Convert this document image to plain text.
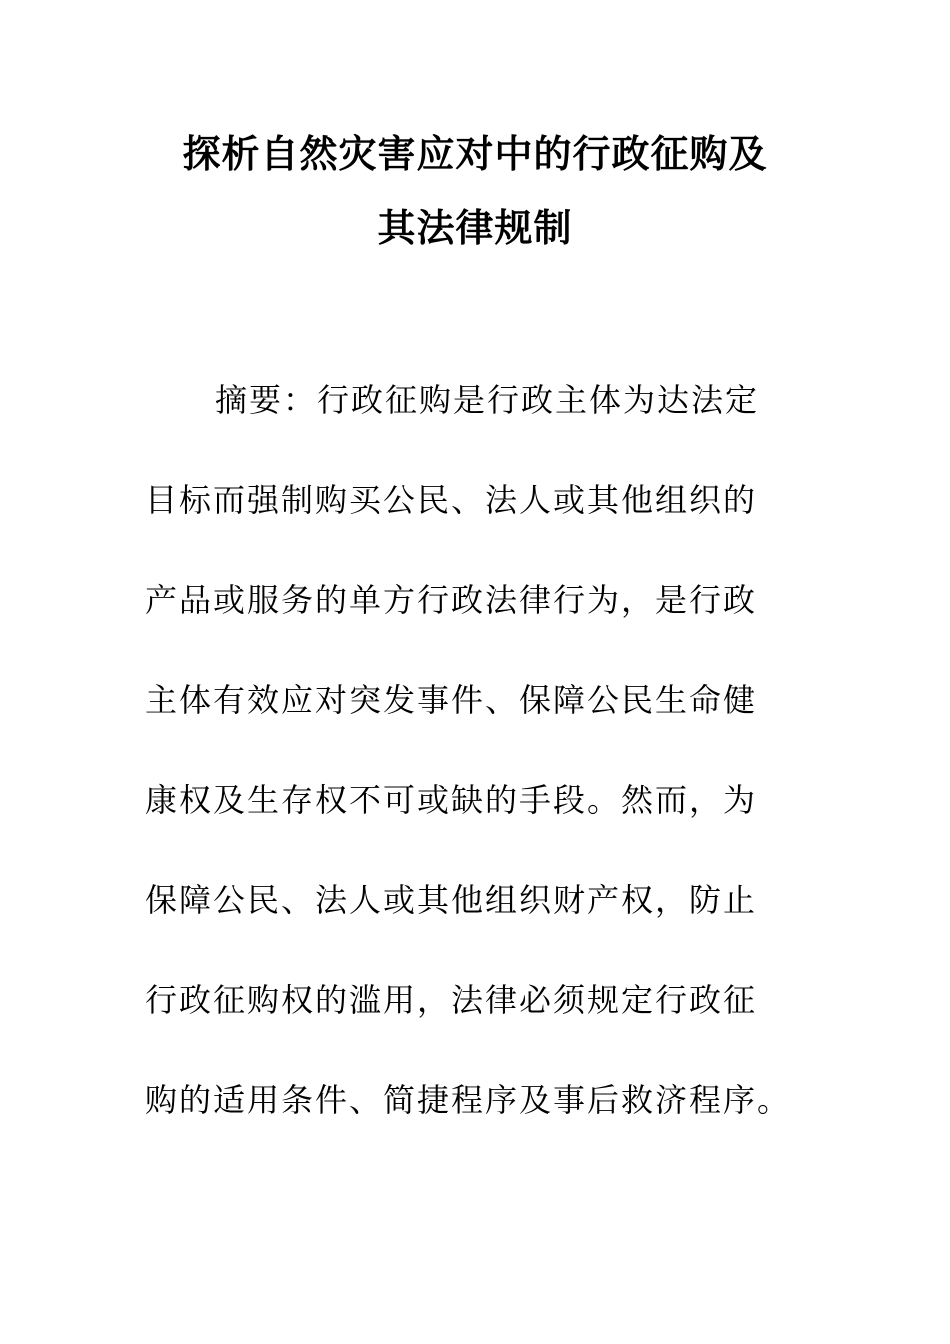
探析自然灾害应对中的行政征购及
其法律规制
摘要：行政征购是行政主体为达法定
目标而强制购买公民、法人或其他组织的
产品或服务的单方行政法律行为，是行政
主体有效应对突发事件、保障公民生命健
康权及生存权不可或缺的手段。然而，为
保障公民、法人或其他组织财产权，防止
行政征购权的滥用，法律必须规定行政征
购的适用条件、简捷程序及事后救济程序。
